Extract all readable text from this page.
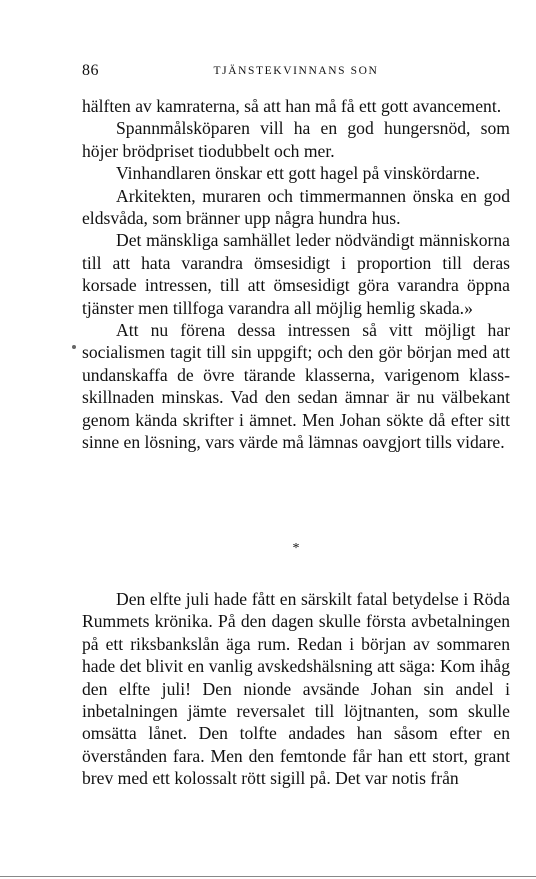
86	TJÄNSTEKVINNANS SON

hälften av kamraterna, så att han må få ett gott avancement.

Spannmålsköparen vill ha en god hungersnöd, som höjer brödpriset tiodubbelt och mer.

Vinhandlaren önskar ett gott hagel på vinskördarne.

Arkitekten, muraren och timmermannen önska en god eldsvåda, som bränner upp några hundra hus.

Det mänskliga samhället leder nödvändigt människorna till att hata varandra ömsesidigt i proportion till deras korsade intressen, till att ömsesidigt göra varandra öppna tjänster men tillfoga varandra all möjlig hemlig skada.»

Att nu förena dessa intressen så vitt möjligt har socialismen tagit till sin uppgift; och den gör början med att undanskaffa de övre tärande klasserna, varigenom klass-skillnaden minskas. Vad den sedan ämnar är nu välbekant genom kända skrifter i ämnet. Men Johan sökte då efter sitt sinne en lösning, vars värde må lämnas oavgjort tills vidare.

*

Den elfte juli hade fått en särskilt fatal betydelse i Röda Rummets krönika. På den dagen skulle första avbetalningen på ett riksbankslån äga rum. Redan i början av sommaren hade det blivit en vanlig avskedshälsning att säga: Kom ihåg den elfte juli! Den nionde avsände Johan sin andel i inbetalningen jämte reversalet till löjtnanten, som skulle omsätta lånet. Den tolfte andades han såsom efter en överstånden fara. Men den femtonde får han ett stort, grant brev med ett kolossalt rött sigill på. Det var notis från
